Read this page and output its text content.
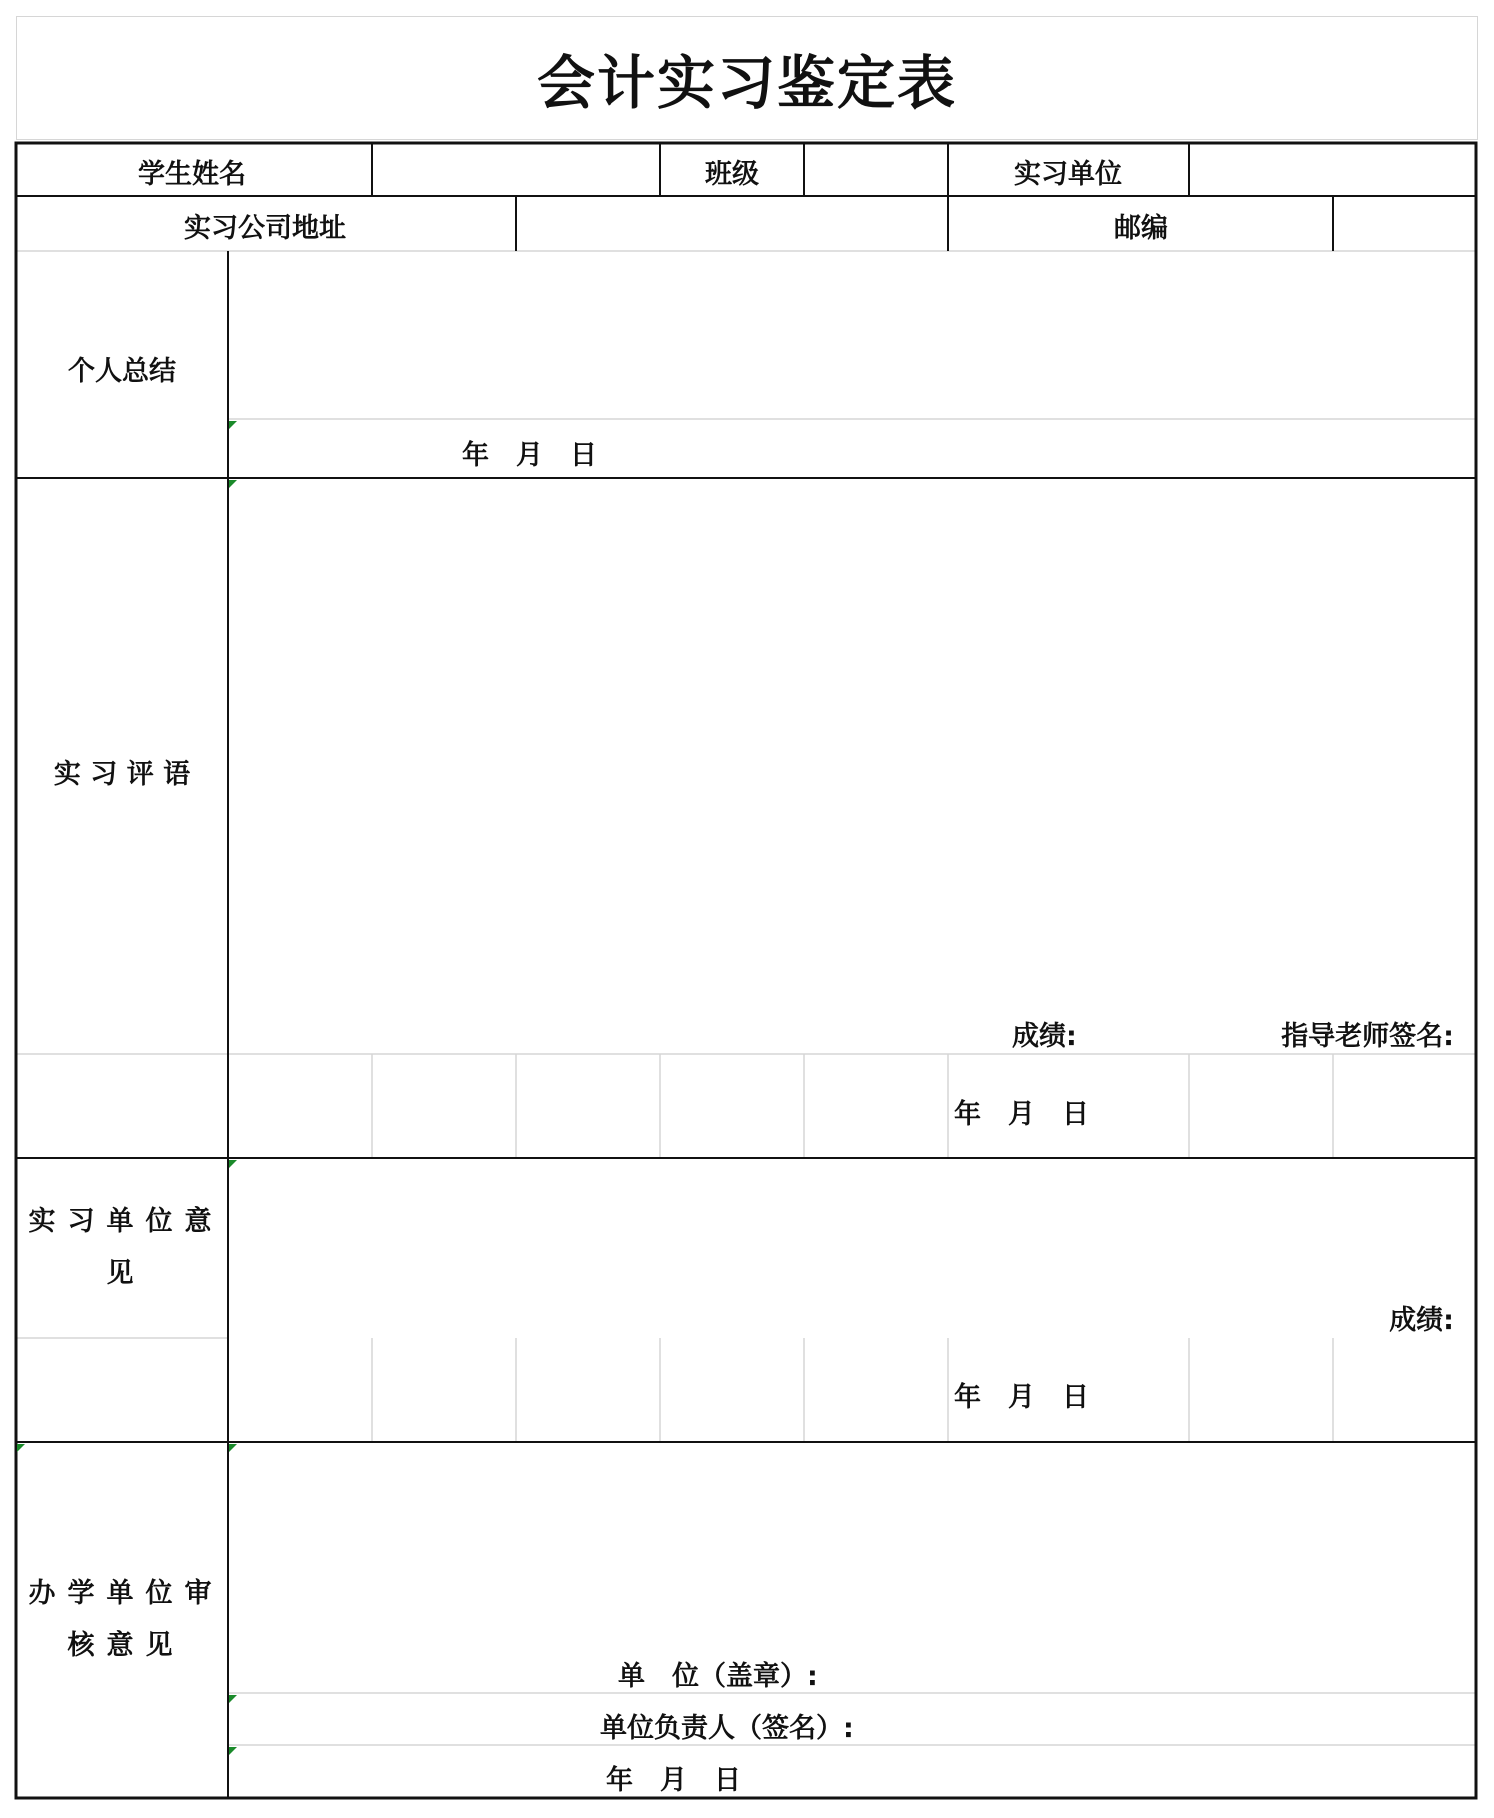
会计实习鉴定表
学生姓名	班级	实习单位
实习公司地址	邮编
个人总结
年　月　日
实 习 评 语
成绩:	指导老师签名:
年　月　日
实习单位意
见
成绩:
年　月　日
办学单位审
核意见
单　位（盖章）:
单位负责人（签名）:
年　月　日
